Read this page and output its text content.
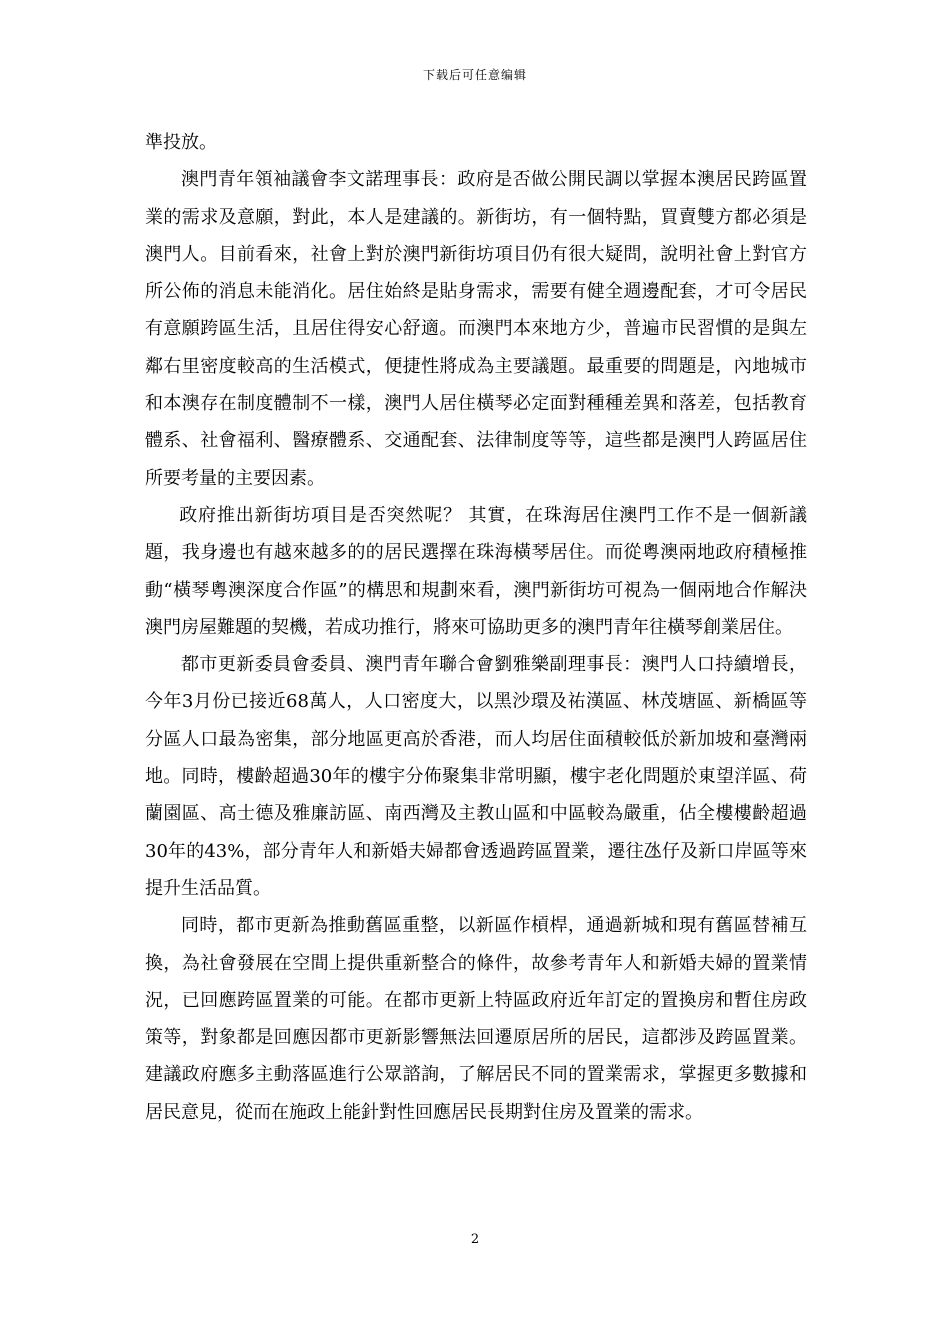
下载后可任意编辑

準投放。

澳門青年領袖議會李文諾理事長：政府是否做公開民調以掌握本澳居民跨區置業的需求及意願，對此，本人是建議的。新街坊，有一個特點，買賣雙方都必須是澳門人。目前看來，社會上對於澳門新街坊項目仍有很大疑問，說明社會上對官方所公佈的消息未能消化。居住始終是貼身需求，需要有健全週邊配套，才可令居民有意願跨區生活，且居住得安心舒適。而澳門本來地方少，普遍市民習慣的是與左鄰右里密度較高的生活模式，便捷性將成為主要議題。最重要的問題是，內地城市和本澳存在制度體制不一樣，澳門人居住橫琴必定面對種種差異和落差，包括教育體系、社會福利、醫療體系、交通配套、法律制度等等，這些都是澳門人跨區居住所要考量的主要因素。

政府推出新街坊項目是否突然呢？ 其實，在珠海居住澳門工作不是一個新議題，我身邊也有越來越多的的居民選擇在珠海橫琴居住。而從粵澳兩地政府積極推動“橫琴粵澳深度合作區”的構思和規劃來看，澳門新街坊可視為一個兩地合作解決澳門房屋難題的契機，若成功推行，將來可協助更多的澳門青年往橫琴創業居住。

都市更新委員會委員、澳門青年聯合會劉雅樂副理事長：澳門人口持續增長，今年3月份已接近68萬人，人口密度大，以黑沙環及祐漢區、林茂塘區、新橋區等分區人口最為密集，部分地區更高於香港，而人均居住面積較低於新加坡和臺灣兩地。同時，樓齡超過30年的樓宇分佈聚集非常明顯，樓宇老化問題於東望洋區、荷蘭園區、高士德及雅廉訪區、南西灣及主教山區和中區較為嚴重，佔全樓樓齡超過30年的43%，部分青年人和新婚夫婦都會透過跨區置業，遷往氹仔及新口岸區等來提升生活品質。

同時，都市更新為推動舊區重整，以新區作槓桿，通過新城和現有舊區替補互換，為社會發展在空間上提供重新整合的條件，故參考青年人和新婚夫婦的置業情況，已回應跨區置業的可能。在都市更新上特區政府近年訂定的置換房和暫住房政策等，對象都是回應因都市更新影響無法回遷原居所的居民，這都涉及跨區置業。建議政府應多主動落區進行公眾諮詢，了解居民不同的置業需求，掌握更多數據和居民意見，從而在施政上能針對性回應居民長期對住房及置業的需求。

2
